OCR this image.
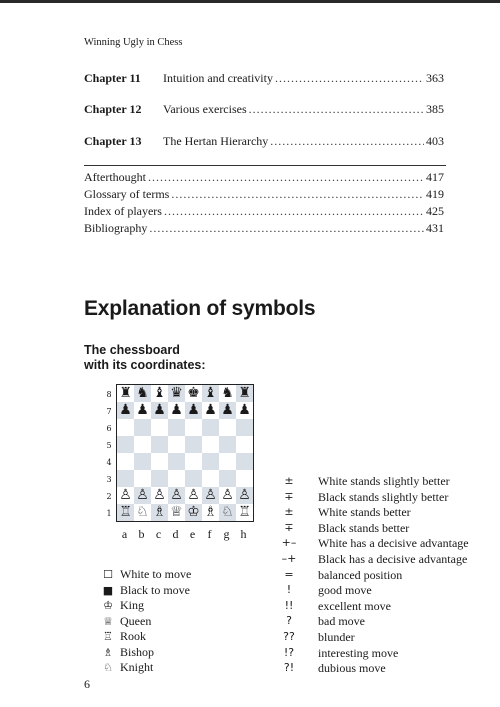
Winning Ugly in Chess
Chapter 11	Intuition and creativity .....	363
Chapter 12	Various exercises .....	385
Chapter 13	The Hertan Hierarchy .....	403
Afterthought .....	417
Glossary of terms .....	419
Index of players .....	425
Bibliography .....	431
Explanation of symbols
The chessboard
with its coordinates:
8
7
6
5
4
3
2
1
♜ ♞ ♝ ♛ ♚ ♝ ♞ ♜
♟ ♟ ♟ ♟ ♟ ♟ ♟ ♟
♙ ♙ ♙ ♙ ♙ ♙ ♙ ♙
♖ ♘ ♗ ♕ ♔ ♗ ♘ ♖
a b c d e	f	g h
☐ White to move
■ Black to move
♔ King
♕ Queen
♖ Rook
♗ Bishop
♘ Knight
±	White stands slightly better
∓	Black stands slightly better
±	White stands better
∓	Black stands better
+–	White has a decisive advantage
–+	Black has a decisive advantage
=	balanced position
!	good move
!!	excellent move
?	bad move
??	blunder
!?	interesting move
?!	dubious move
6
